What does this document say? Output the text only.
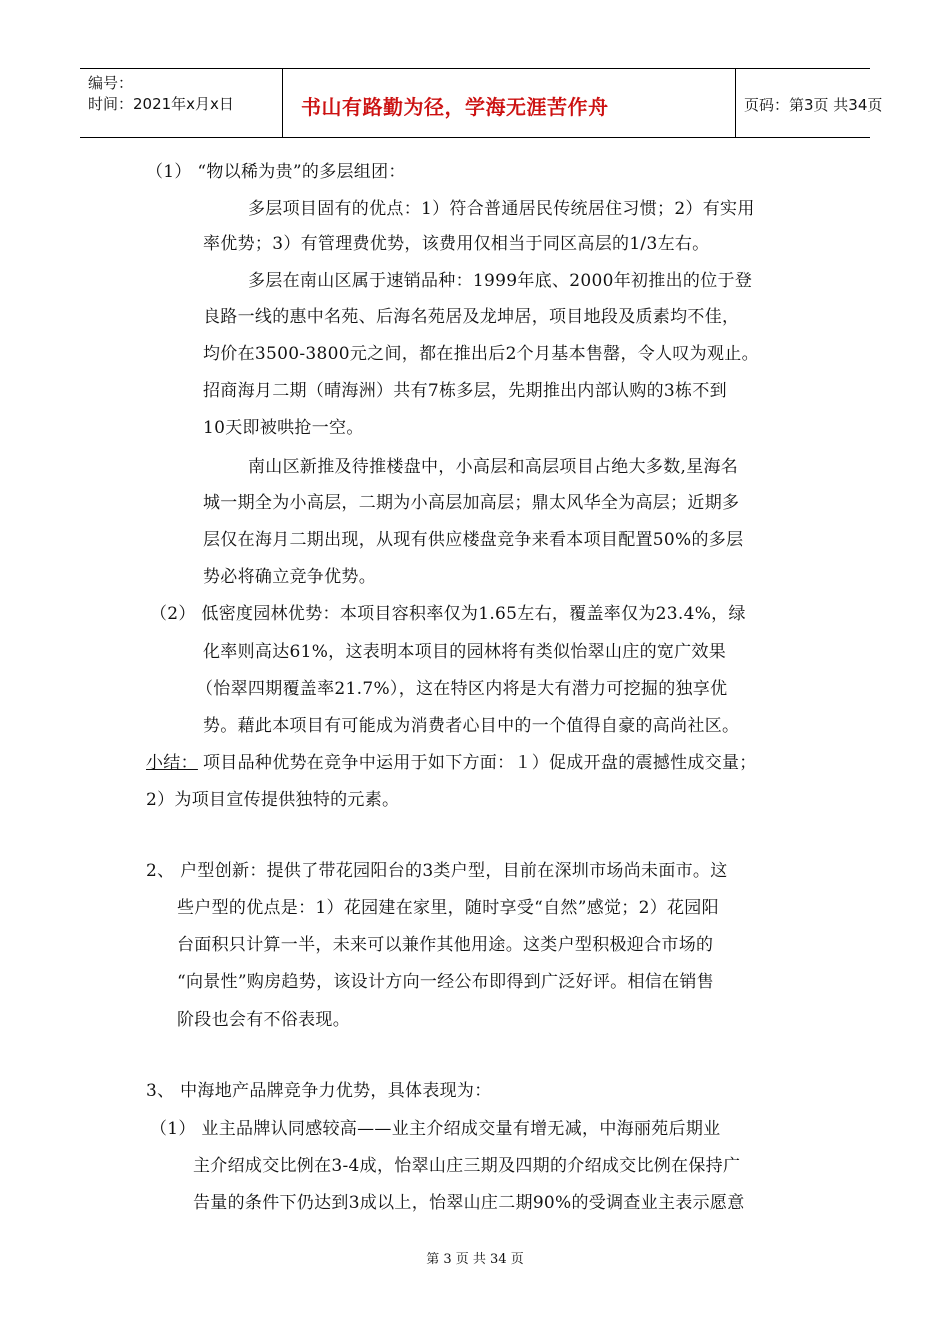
编号：
时间：2021年x月x日	书山有路勤为径，学海无涯苦作舟	页码：第3页 共34页
（1） “物以稀为贵”的多层组团：
多层项目固有的优点：1）符合普通居民传统居住习惯；2）有实用
率优势；3）有管理费优势，该费用仅相当于同区高层的1/3左右。
多层在南山区属于速销品种：1999年底、2000年初推出的位于登
良路一线的惠中名苑、后海名苑居及龙坤居，项目地段及质素均不佳，
均价在3500-3800元之间，都在推出后2个月基本售罄，令人叹为观止。
招商海月二期（晴海洲）共有7栋多层，先期推出内部认购的3栋不到
10天即被哄抢一空。
南山区新推及待推楼盘中，小高层和高层项目占绝大多数,星海名
城一期全为小高层，二期为小高层加高层；鼎太风华全为高层；近期多
层仅在海月二期出现，从现有供应楼盘竞争来看本项目配置50%的多层
势必将确立竞争优势。
（2） 低密度园林优势：本项目容积率仅为1.65左右，覆盖率仅为23.4%，绿
化率则高达61%，这表明本项目的园林将有类似怡翠山庄的宽广效果
（怡翠四期覆盖率21.7%），这在特区内将是大有潜力可挖掘的独享优
势。藉此本项目有可能成为消费者心目中的一个值得自豪的高尚社区。
小结： 项目品种优势在竞争中运用于如下方面：１）促成开盘的震撼性成交量；
2）为项目宣传提供独特的元素。
2、 户型创新：提供了带花园阳台的3类户型，目前在深圳市场尚未面市。这
些户型的优点是：1）花园建在家里，随时享受“自然”感觉；2）花园阳
台面积只计算一半，未来可以兼作其他用途。这类户型积极迎合市场的
“向景性”购房趋势，该设计方向一经公布即得到广泛好评。相信在销售
阶段也会有不俗表现。
3、 中海地产品牌竞争力优势，具体表现为：
（1） 业主品牌认同感较高——业主介绍成交量有增无减，中海丽苑后期业
主介绍成交比例在3-4成，怡翠山庄三期及四期的介绍成交比例在保持广
告量的条件下仍达到3成以上，怡翠山庄二期90%的受调查业主表示愿意
第 3 页 共 34 页
